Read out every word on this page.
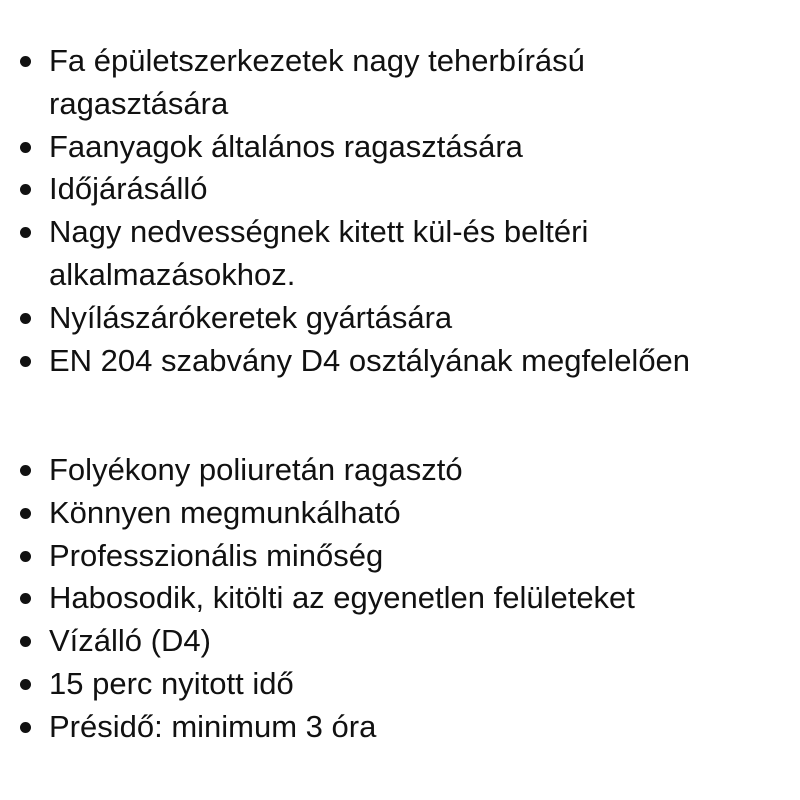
Fa épületszerkezetek nagy teherbírású
ragasztására
Faanyagok általános ragasztására
Időjárásálló
Nagy nedvességnek kitett kül-és beltéri
alkalmazásokhoz.
Nyílászárókeretek gyártására
EN 204 szabvány D4 osztályának megfelelően
Folyékony poliuretán ragasztó
Könnyen megmunkálható
Professzionális minőség
Habosodik, kitölti az egyenetlen felületeket
Vízálló (D4)
15 perc nyitott idő
Présidő: minimum 3 óra
